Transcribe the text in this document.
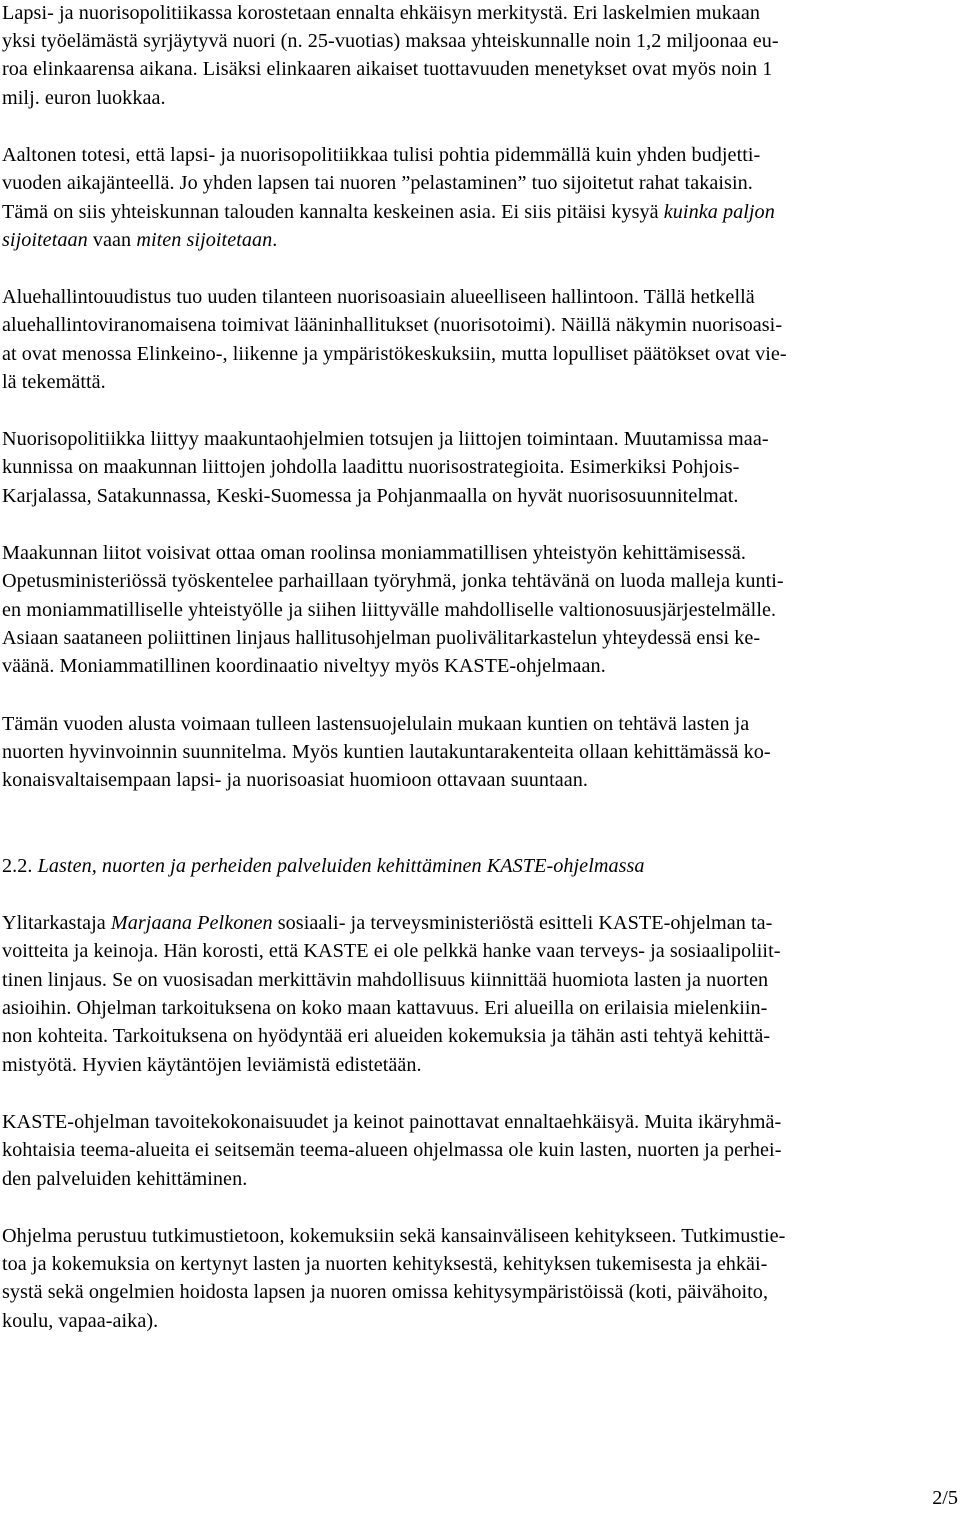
Lapsi- ja nuorisopolitiikassa korostetaan ennalta ehkäisyn merkitystä. Eri laskelmien mukaan
yksi työelämästä syrjäytyvä nuori (n. 25-vuotias) maksaa yhteiskunnalle noin 1,2 miljoonaa eu-
roa elinkaarensa aikana. Lisäksi elinkaaren aikaiset tuottavuuden menetykset ovat myös noin 1
milj. euron luokkaa.
Aaltonen totesi, että lapsi- ja nuorisopolitiikkaa tulisi pohtia pidemmällä kuin yhden budjetti-
vuoden aikajänteellä. Jo yhden lapsen tai nuoren ”pelastaminen” tuo sijoitetut rahat takaisin.
Tämä on siis yhteiskunnan talouden kannalta keskeinen asia. Ei siis pitäisi kysyä kuinka paljon
sijoitetaan vaan miten sijoitetaan.
Aluehallintouudistus tuo uuden tilanteen nuorisoasiain alueelliseen hallintoon. Tällä hetkellä
aluehallintoviranomaisena toimivat lääninhallitukset (nuorisotoimi). Näillä näkymin nuorisoasi-
at ovat menossa Elinkeino-, liikenne ja ympäristökeskuksiin, mutta lopulliset päätökset ovat vie-
lä tekemättä.
Nuorisopolitiikka liittyy maakuntaohjelmien totsujen ja liittojen toimintaan. Muutamissa maa-
kunnissa on maakunnan liittojen johdolla laadittu nuorisostrategioita. Esimerkiksi Pohjois-
Karjalassa, Satakunnassa, Keski-Suomessa ja Pohjanmaalla on hyvät nuorisosuunnitelmat.
Maakunnan liitot voisivat ottaa oman roolinsa moniammatillisen yhteistyön kehittämisessä.
Opetusministeriössä työskentelee parhaillaan työryhmä, jonka tehtävänä on luoda malleja kunti-
en moniammatilliselle yhteistyölle ja siihen liittyvälle mahdolliselle valtionosuusjärjestelmälle.
Asiaan saataneen poliittinen linjaus hallitusohjelman puolivälitarkastelun yhteydessä ensi ke-
väänä. Moniammatillinen koordinaatio niveltyy myös KASTE-ohjelmaan.
Tämän vuoden alusta voimaan tulleen lastensuojelulain mukaan kuntien on tehtävä lasten ja
nuorten hyvinvoinnin suunnitelma. Myös kuntien lautakuntarakenteita ollaan kehittämässä ko-
konaisvaltaisempaan lapsi- ja nuorisoasiat huomioon ottavaan suuntaan.
2.2. Lasten, nuorten ja perheiden palveluiden kehittäminen KASTE-ohjelmassa
Ylitarkastaja Marjaana Pelkonen sosiaali- ja terveysministeriöstä esitteli KASTE-ohjelman ta-
voitteita ja keinoja. Hän korosti, että KASTE ei ole pelkkä hanke vaan terveys- ja sosiaalipoliit-
tinen linjaus. Se on vuosisadan merkittävin mahdollisuus kiinnittää huomiota lasten ja nuorten
asioihin. Ohjelman tarkoituksena on koko maan kattavuus. Eri alueilla on erilaisia mielenkiin-
non kohteita. Tarkoituksena on hyödyntää eri alueiden kokemuksia ja tähän asti tehtyä kehittä-
mistyötä. Hyvien käytäntöjen leviämistä edistetään.
KASTE-ohjelman tavoitekokonaisuudet ja keinot painottavat ennaltaehkäisyä. Muita ikäryhmä-
kohtaisia teema-alueita ei seitsemän teema-alueen ohjelmassa ole kuin lasten, nuorten ja perhei-
den palveluiden kehittäminen.
Ohjelma perustuu tutkimustietoon, kokemuksiin sekä kansainväliseen kehitykseen. Tutkimustie-
toa ja kokemuksia on kertynyt lasten ja nuorten kehityksestä, kehityksen tukemisesta ja ehkäi-
systä sekä ongelmien hoidosta lapsen ja nuoren omissa kehitysympäristöissä (koti, päivähoito,
koulu, vapaa-aika).
2/5
